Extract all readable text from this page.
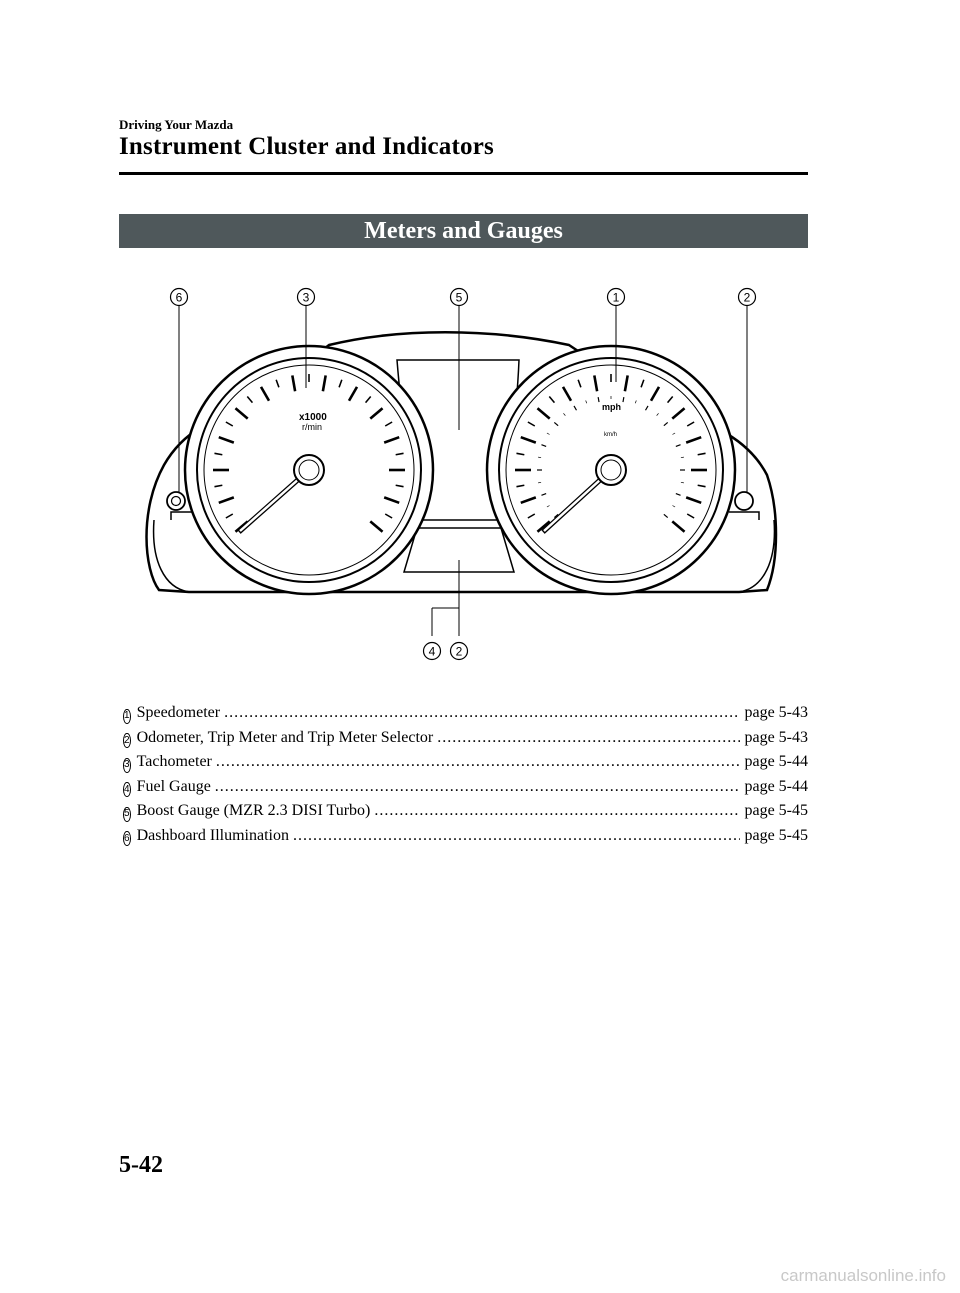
Driving Your Mazda
Instrument Cluster and Indicators
Meters and Gauges
x1000
r/min
mph
km/h
6	3	5	1	2
4 2
1 Speedometer .....	page 5-43
2 Odometer, Trip Meter and Trip Meter Selector .....	page 5-43
3 Tachometer .....	page 5-44
4 Fuel Gauge .....	page 5-44
5 Boost Gauge (MZR 2.3 DISI Turbo) .....	page 5-45
6 Dashboard Illumination .....	page 5-45
5-42
carmanualsonline.info
